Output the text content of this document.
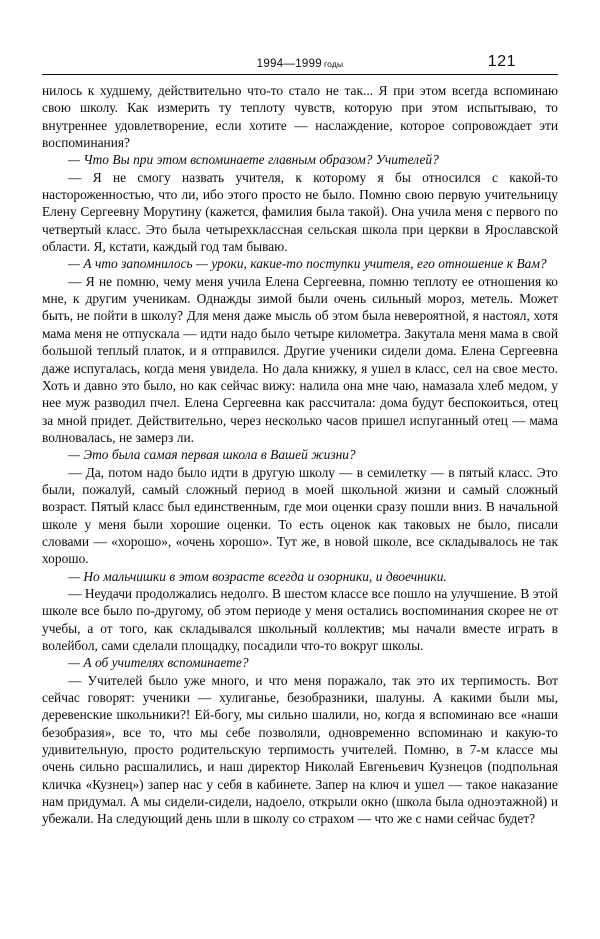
1994—1999 годы	121

нилось к худшему, действительно что-то стало не так... Я при этом всегда вспоминаю свою школу. Как измерить ту теплоту чувств, которую при этом испытываю, то внутреннее удовлетворение, если хотите — наслаждение, которое сопровождает эти воспоминания?

— Что Вы при этом вспоминаете главным образом? Учителей?

— Я не смогу назвать учителя, к которому я бы относился с какой-то настороженностью, что ли, ибо этого просто не было. Помню свою первую учительницу Елену Сергеевну Морутину (кажется, фамилия была такой). Она учила меня с первого по четвертый класс. Это была четырехклассная сельская школа при церкви в Ярославской области. Я, кстати, каждый год там бываю.

— А что запомнилось — уроки, какие-то поступки учителя, его отношение к Вам?

— Я не помню, чему меня учила Елена Сергеевна, помню теплоту ее отношения ко мне, к другим ученикам. Однажды зимой были очень сильный мороз, метель. Может быть, не пойти в школу? Для меня даже мысль об этом была невероятной, я настоял, хотя мама меня не отпускала — идти надо было четыре километра. Закутала меня мама в свой большой теплый платок, и я отправился. Другие ученики сидели дома. Елена Сергеевна даже испугалась, когда меня увидела. Но дала книжку, я ушел в класс, сел на свое место. Хоть и давно это было, но как сейчас вижу: налила она мне чаю, намазала хлеб медом, у нее муж разводил пчел. Елена Сергеевна как рассчитала: дома будут беспокоиться, отец за мной придет. Действительно, через несколько часов пришел испуганный отец — мама волновалась, не замерз ли.

— Это была самая первая школа в Вашей жизни?

— Да, потом надо было идти в другую школу — в семилетку — в пятый класс. Это были, пожалуй, самый сложный период в моей школьной жизни и самый сложный возраст. Пятый класс был единственным, где мои оценки сразу пошли вниз. В начальной школе у меня были хорошие оценки. То есть оценок как таковых не было, писали словами — «хорошо», «очень хорошо». Тут же, в новой школе, все складывалось не так хорошо.

— Но мальчишки в этом возрасте всегда и озорники, и двоечники.

— Неудачи продолжались недолго. В шестом классе все пошло на улучшение. В этой школе все было по-другому, об этом периоде у меня остались воспоминания скорее не от учебы, а от того, как складывался школьный коллектив; мы начали вместе играть в волейбол, сами сделали площадку, посадили что-то вокруг школы.

— А об учителях вспоминаете?

— Учителей было уже много, и что меня поражало, так это их терпимость. Вот сейчас говорят: ученики — хулиганье, безобразники, шалуны. А какими были мы, деревенские школьники?! Ей-богу, мы сильно шалили, но, когда я вспоминаю все «наши безобразия», все то, что мы себе позволяли, одновременно вспоминаю и какую-то удивительную, просто родительскую терпимость учителей. Помню, в 7-м классе мы очень сильно расшалились, и наш директор Николай Евгеньевич Кузнецов (подпольная кличка «Кузнец») запер нас у себя в кабинете. Запер на ключ и ушел — такое наказание нам придумал. А мы сидели-сидели, надоело, открыли окно (школа была одноэтажной) и убежали. На следующий день шли в школу со страхом — что же с нами сейчас будет?
